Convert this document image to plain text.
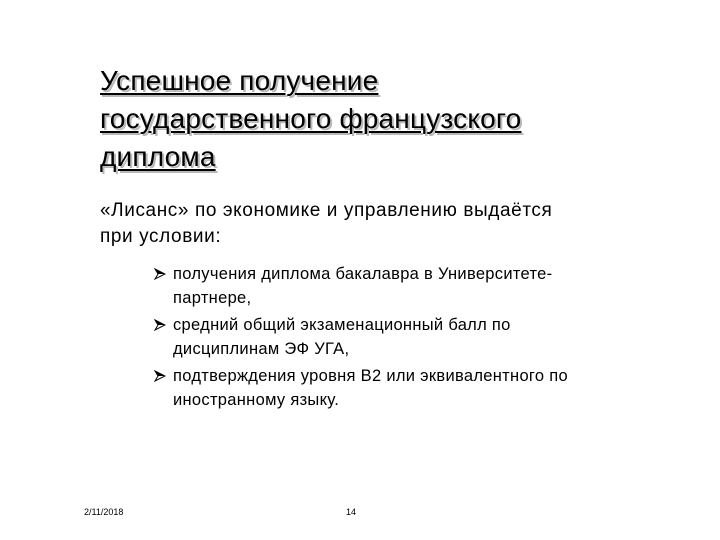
Успешное получение
государственного французского
диплома
«Лисанс» по экономике и управлению выдаётся
при условии:
получения диплома бакалавра в Университете-
партнере,
средний общий экзаменационный балл по
дисциплинам ЭФ УГА,
подтверждения уровня В2 или эквивалентного по
иностранному языку.
2/11/2018	14
